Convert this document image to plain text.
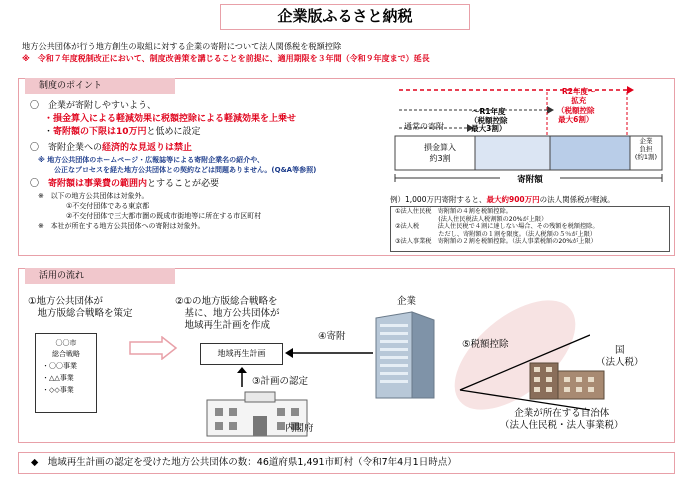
企業版ふるさと納税
地方公共団体が行う地方創生の取組に対する企業の寄附について法人関係税を税額控除
※　令和７年度税制改正において、制度改善策を講じることを前提に、適用期限を３年間（令和９年度まで）延長
制度のポイント
〇 企業が寄附しやすいよう、
・損金算入による軽減効果に税額控除による軽減効果を上乗せ
・寄附額の下限は10万円と低めに設定
〇 寄附企業への経済的な見返りは禁止
※ 地方公共団体のホームページ・広報誌等による寄附企業名の紹介や、
公正なプロセスを経た地方公共団体との契約などは問題ありません。(Q&A等参照)
〇 寄附額は事業費の範囲内とすることが必要
※ 以下の地方公共団体は対象外。
①不交付団体である東京都
②不交付団体で三大都市圏の既成市街地等に所在する市区町村
※ 本社が所在する地方公共団体への寄附は対象外。
通常の寄附
～R1年度
（税額控除
最大3割）
R2年度～
拡充
（税額控除
最大6割）
損金算入
約3割
企業
負担
(約1割)
寄附額
例）1,000万円寄附すると、最大約900万円の法人関係税が軽減。
①法人住民税　寄附額の４割を税額控除。
　　　　　　　(法人住民税法人税割額の20%が上限）
②法人税　　　法人住民税で４割に達しない場合、その残額を税額控除。
　　　　　　　ただし、寄附額の１割を限度。（法人税額の５％が上限）
③法人事業税　寄附額の２割を税額控除。（法人事業税額の20%が上限）
活用の流れ
①地方公共団体が
　地方版総合戦略を策定
〇〇市
総合戦略
・〇〇事業
・△△事業
・◇◇事業
②①の地方版総合戦略を
　基に、地方公共団体が
　地域再生計画を作成
地域再生計画
③計画の認定
内閣府
④寄附
企業
⑤税額控除
国
（法人税）
企業が所在する自治体
（法人住民税・法人事業税）
◆　地域再生計画の認定を受けた地方公共団体の数：46道府県1,491市町村（令和7年4月1日時点）
